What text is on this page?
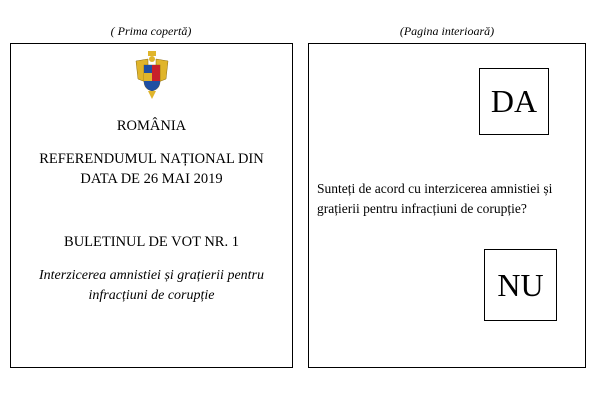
( Prima copertă)	(Pagina interioară)
ROMÂNIA
REFERENDUMUL NAȚIONAL DIN
DATA DE 26 MAI 2019
BULETINUL DE VOT NR. 1
Interzicerea amnistiei și grațierii pentru
infracțiuni de corupție
DA
Sunteți de acord cu interzicerea amnistiei și
grațierii pentru infracțiuni de corupție?
NU
